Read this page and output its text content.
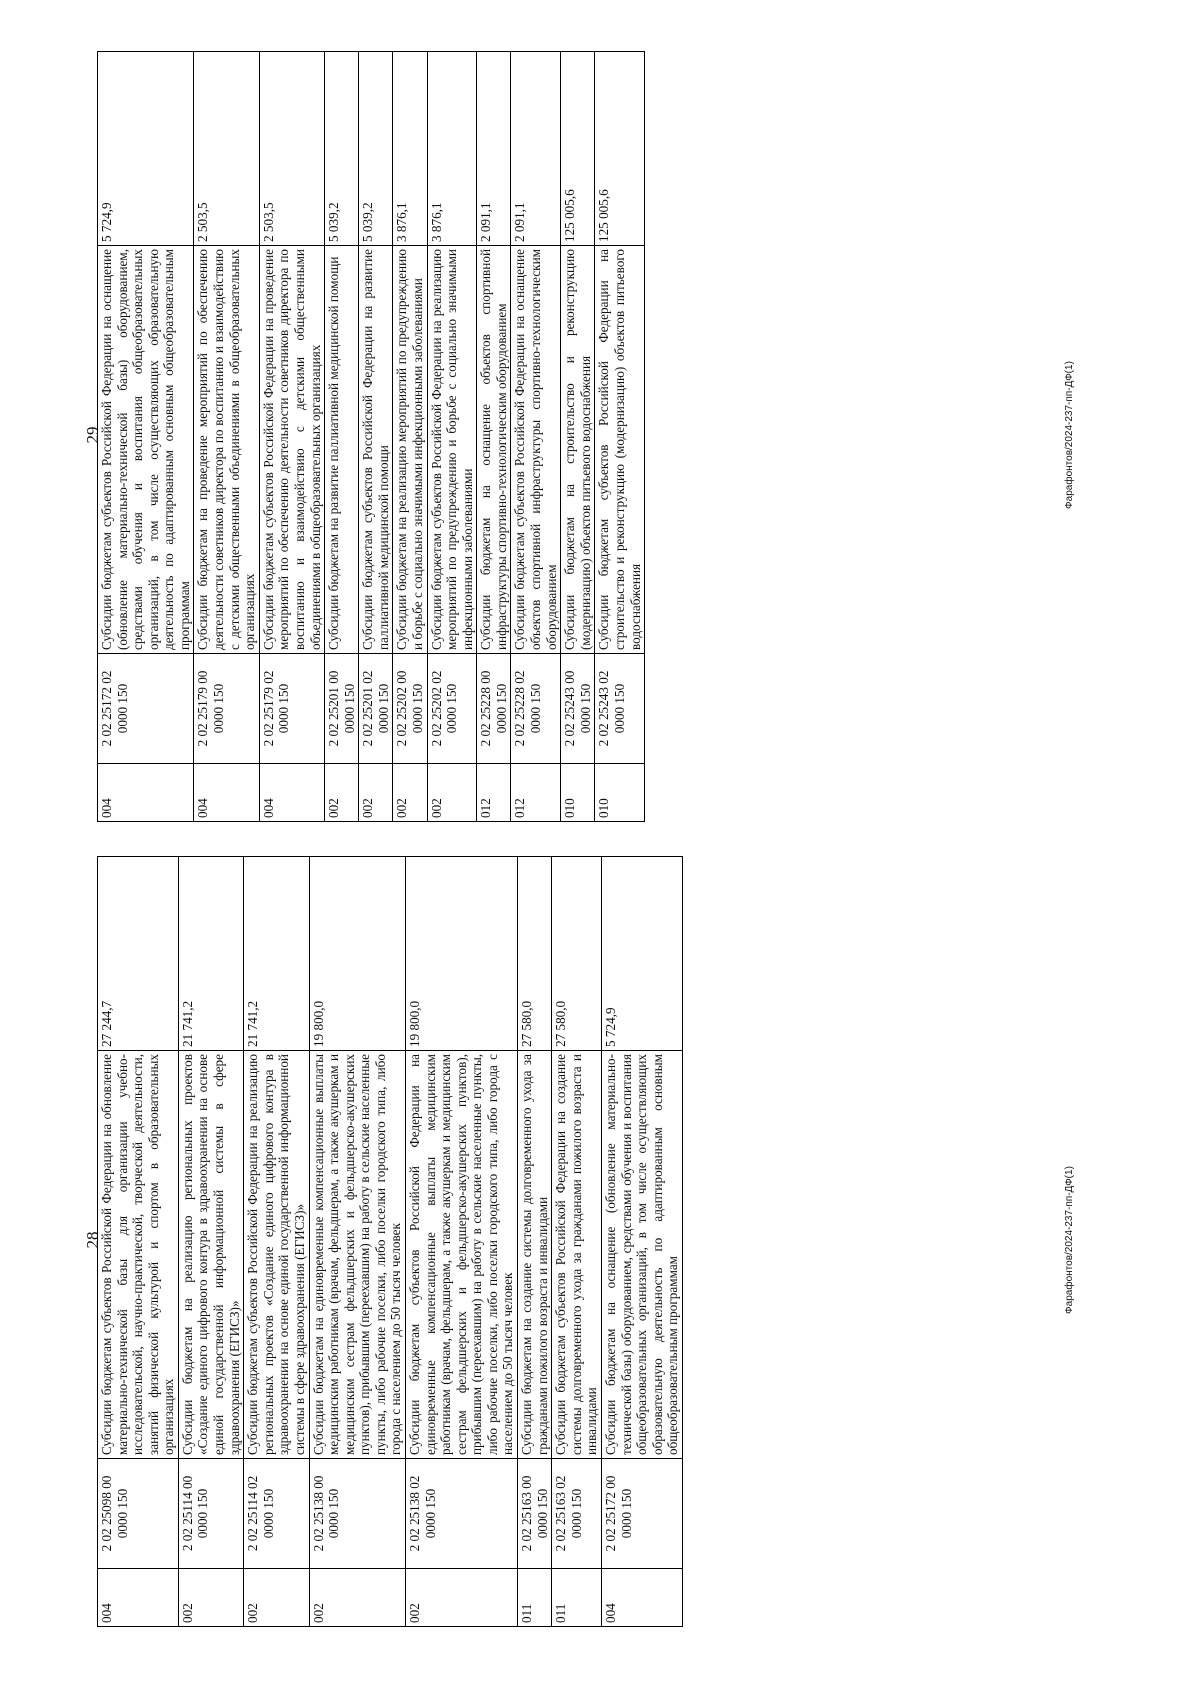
29
004	2 02 25172 02 0000 150	Субсидии бюджетам субъектов Российской Федерации на оснащение (обновление материально-технической базы) оборудованием, средствами обучения и воспитания общеобразовательных организаций, в том числе осуществляющих образовательную деятельность по адаптированным основным общеобразовательным программам	5 724,9
004	2 02 25179 00 0000 150	Субсидии бюджетам на проведение мероприятий по обеспечению деятельности советников директора по воспитанию и взаимодействию с детскими общественными объединениями в общеобразовательных организациях	2 503,5
004	2 02 25179 02 0000 150	Субсидии бюджетам субъектов Российской Федерации на проведение мероприятий по обеспечению деятельности советников директора по воспитанию и взаимодействию с детскими общественными объединениями в общеобразовательных организациях	2 503,5
002	2 02 25201 00 0000 150	Субсидии бюджетам на развитие паллиативной медицинской помощи	5 039,2
002	2 02 25201 02 0000 150	Субсидии бюджетам субъектов Российской Федерации на развитие паллиативной медицинской помощи	5 039,2
002	2 02 25202 00 0000 150	Субсидии бюджетам на реализацию мероприятий по предупреждению и борьбе с социально значимыми инфекционными заболеваниями	3 876,1
002	2 02 25202 02 0000 150	Субсидии бюджетам субъектов Российской Федерации на реализацию мероприятий по предупреждению и борьбе с социально значимыми инфекционными заболеваниями	3 876,1
012	2 02 25228 00 0000 150	Субсидии бюджетам на оснащение объектов спортивной инфраструктуры спортивно-технологическим оборудованием	2 091,1
012	2 02 25228 02 0000 150	Субсидии бюджетам субъектов Российской Федерации на оснащение объектов спортивной инфраструктуры спортивно-технологическим оборудованием	2 091,1
010	2 02 25243 00 0000 150	Субсидии бюджетам на строительство и реконструкцию (модернизацию) объектов питьевого водоснабжения	125 005,6
010	2 02 25243 02 0000 150	Субсидии бюджетам субъектов Российской Федерации на строительство и реконструкцию (модернизацию) объектов питьевого водоснабжения	125 005,6
Фарафонтов/2024-237-пп-ДФ(1)
28
004	2 02 25098 00 0000 150	Субсидии бюджетам субъектов Российской Федерации на обновление материально-технической базы для организации учебно-исследовательской, научно-практической, творческой деятельности, занятий физической культурой и спортом в образовательных организациях	27 244,7
002	2 02 25114 00 0000 150	Субсидии бюджетам на реализацию региональных проектов «Создание единого цифрового контура в здравоохранении на основе единой государственной информационной системы в сфере здравоохранения (ЕГИСЗ)»	21 741,2
002	2 02 25114 02 0000 150	Субсидии бюджетам субъектов Российской Федерации на реализацию региональных проектов «Создание единого цифрового контура в здравоохранении на основе единой государственной информационной системы в сфере здравоохранения (ЕГИСЗ)»	21 741,2
002	2 02 25138 00 0000 150	Субсидии бюджетам на единовременные компенсационные выплаты медицинским работникам (врачам, фельдшерам, а также акушеркам и медицинским сестрам фельдшерских и фельдшерско-акушерских пунктов), прибывшим (переехавшим) на работу в сельские населенные пункты, либо рабочие поселки, либо поселки городского типа, либо города с населением до 50 тысяч человек	19 800,0
002	2 02 25138 02 0000 150	Субсидии бюджетам субъектов Российской Федерации на единовременные компенсационные выплаты медицинским работникам (врачам, фельдшерам, а также акушеркам и медицинским сестрам фельдшерских и фельдшерско-акушерских пунктов), прибывшим (переехавшим) на работу в сельские населенные пункты, либо рабочие поселки, либо поселки городского типа, либо города с населением до 50 тысяч человек	19 800,0
011	2 02 25163 00 0000 150	Субсидии бюджетам на создание системы долговременного ухода за гражданами пожилого возраста и инвалидами	27 580,0
011	2 02 25163 02 0000 150	Субсидии бюджетам субъектов Российской Федерации на создание системы долговременного ухода за гражданами пожилого возраста и инвалидами	27 580,0
004	2 02 25172 00 0000 150	Субсидии бюджетам на оснащение (обновление материально-технической базы) оборудованием, средствами обучения и воспитания общеобразовательных организаций, в том числе осуществляющих образовательную деятельность по адаптированным основным общеобразовательным программам	5 724,9
Фарафонтов/2024-237-пп-ДФ(1)
